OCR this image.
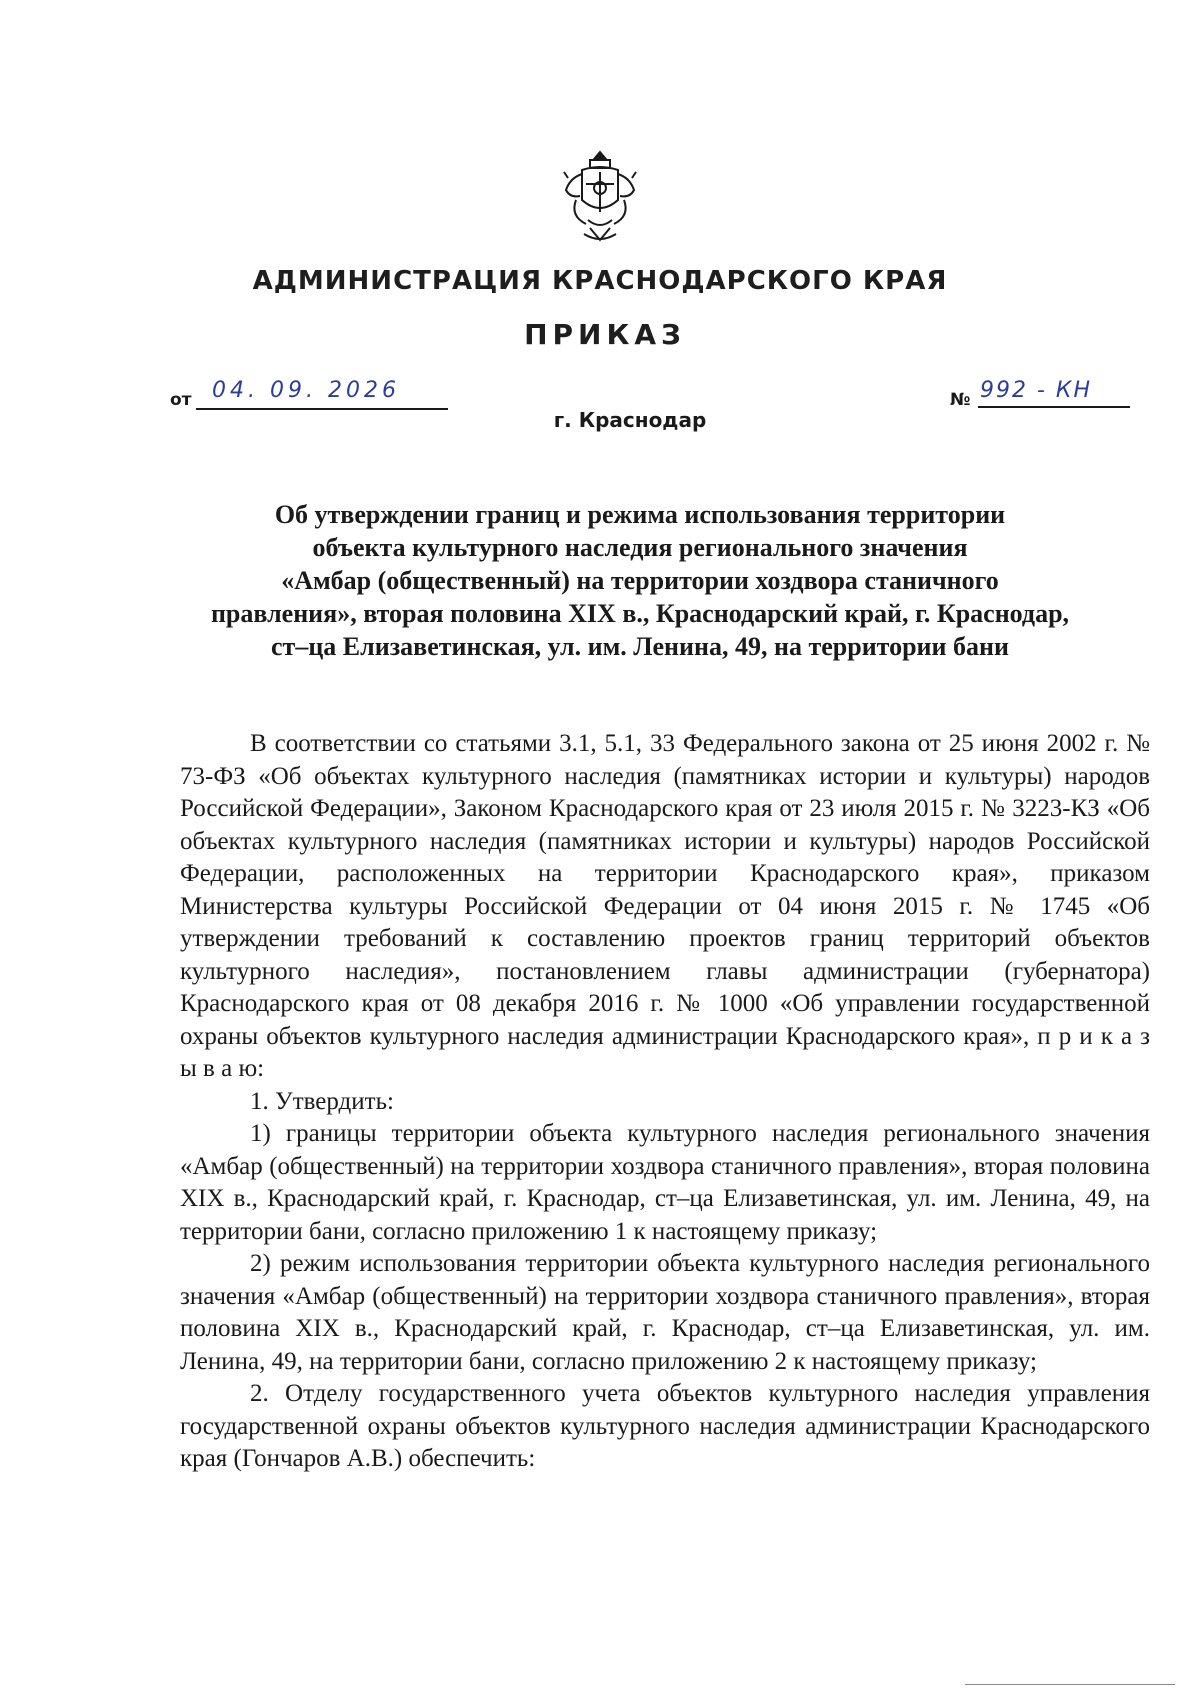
АДМИНИСТРАЦИЯ КРАСНОДАРСКОГО КРАЯ
ПРИКАЗ
от 04. 09. 2026	№ 992 - КН
г. Краснодар
Об утверждении границ и режима использования территории
объекта культурного наследия регионального значения
«Амбар (общественный) на территории хоздвора станичного
правления», вторая половина XIX в., Краснодарский край, г. Краснодар,
ст–ца Елизаветинская, ул. им. Ленина, 49, на территории бани

В соответствии со статьями 3.1, 5.1, 33 Федерального закона от 25 июня 2002 г. № 73-ФЗ «Об объектах культурного наследия (памятниках истории и культуры) народов Российской Федерации», Законом Краснодарского края от 23 июля 2015 г. № 3223-КЗ «Об объектах культурного наследия (памятниках истории и культуры) народов Российской Федерации, расположенных на территории Краснодарского края», приказом Министерства культуры Российской Федерации от 04 июня 2015 г. № 1745 «Об утверждении требований к составлению проектов границ территорий объектов культурного наследия», постановлением главы администрации (губернатора) Краснодарского края от 08 декабря 2016 г. № 1000 «Об управлении государственной охраны объектов культурного наследия администрации Краснодарского края», п р и к а з ы в а ю:

1. Утвердить:

1) границы территории объекта культурного наследия регионального значения «Амбар (общественный) на территории хоздвора станичного правления», вторая половина XIX в., Краснодарский край, г. Краснодар, ст–ца Елизаветинская, ул. им. Ленина, 49, на территории бани, согласно приложению 1 к настоящему приказу;

2) режим использования территории объекта культурного наследия регионального значения «Амбар (общественный) на территории хоздвора станичного правления», вторая половина XIX в., Краснодарский край, г. Краснодар, ст–ца Елизаветинская, ул. им. Ленина, 49, на территории бани, согласно приложению 2 к настоящему приказу;

2. Отделу государственного учета объектов культурного наследия управления государственной охраны объектов культурного наследия администрации Краснодарского края (Гончаров А.В.) обеспечить:
